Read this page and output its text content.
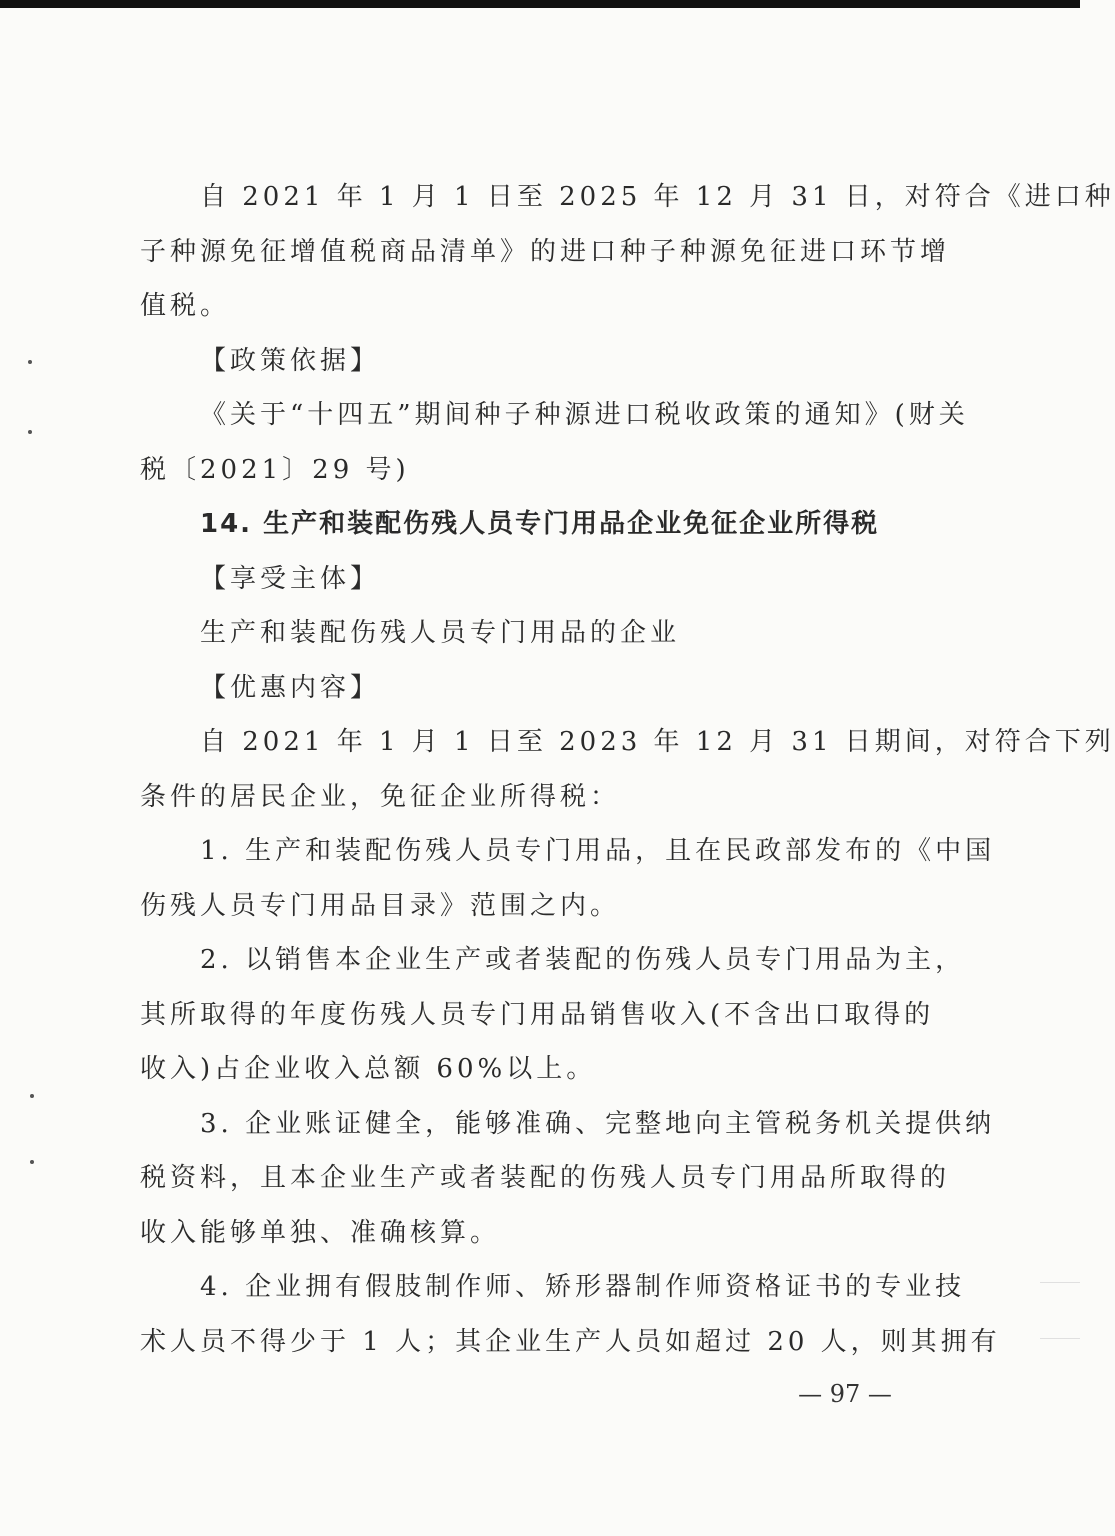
自 2021 年 1 月 1 日至 2025 年 12 月 31 日，对符合《进口种
子种源免征增值税商品清单》的进口种子种源免征进口环节增
值税。
【政策依据】
《关于“十四五”期间种子种源进口税收政策的通知》(财关
税〔2021〕29 号)
14. 生产和装配伤残人员专门用品企业免征企业所得税
【享受主体】
生产和装配伤残人员专门用品的企业
【优惠内容】
自 2021 年 1 月 1 日至 2023 年 12 月 31 日期间，对符合下列
条件的居民企业，免征企业所得税：
1. 生产和装配伤残人员专门用品，且在民政部发布的《中国
伤残人员专门用品目录》范围之内。
2. 以销售本企业生产或者装配的伤残人员专门用品为主，
其所取得的年度伤残人员专门用品销售收入(不含出口取得的
收入)占企业收入总额 60%以上。
3. 企业账证健全，能够准确、完整地向主管税务机关提供纳
税资料，且本企业生产或者装配的伤残人员专门用品所取得的
收入能够单独、准确核算。
4. 企业拥有假肢制作师、矫形器制作师资格证书的专业技
术人员不得少于 1 人；其企业生产人员如超过 20 人，则其拥有
— 97 —
